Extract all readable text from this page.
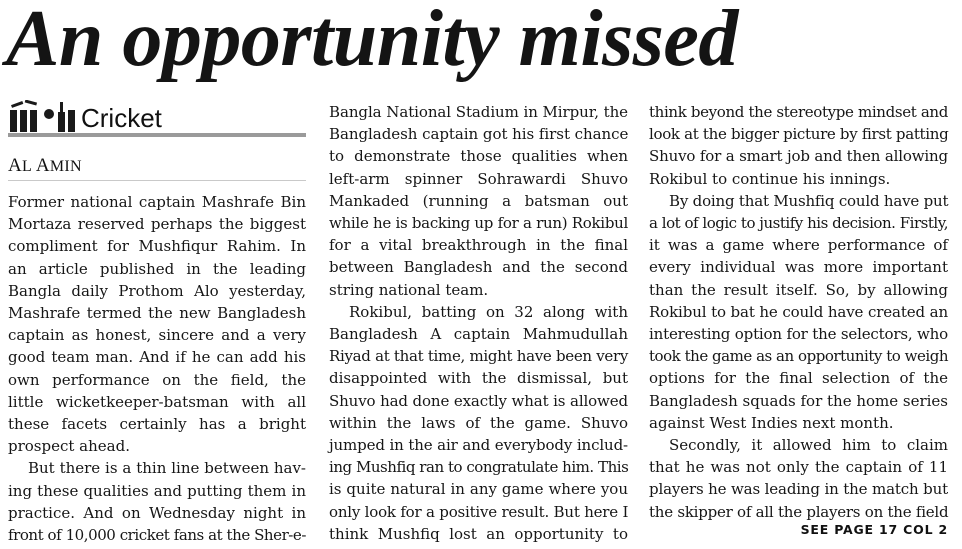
An opportunity missed
Cricket
AL AMIN
Former national captain Mashrafe Bin
Mortaza reserved perhaps the biggest
compliment for Mushfiqur Rahim. In
an article published in the leading
Bangla daily Prothom Alo yesterday,
Mashrafe termed the new Bangladesh
captain as honest, sincere and a very
good team man. And if he can add his
own performance on the field, the
little wicketkeeper-batsman with all
these facets certainly has a bright
prospect ahead.
But there is a thin line between hav-
ing these qualities and putting them in
practice. And on Wednesday night in
front of 10,000 cricket fans at the Sher-e-
Bangla National Stadium in Mirpur, the
Bangladesh captain got his first chance
to demonstrate those qualities when
left-arm spinner Sohrawardi Shuvo
Mankaded (running a batsman out
while he is backing up for a run) Rokibul
for a vital breakthrough in the final
between Bangladesh and the second
string national team.
Rokibul, batting on 32 along with
Bangladesh A captain Mahmudullah
Riyad at that time, might have been very
disappointed with the dismissal, but
Shuvo had done exactly what is allowed
within the laws of the game. Shuvo
jumped in the air and everybody includ-
ing Mushfiq ran to congratulate him. This
is quite natural in any game where you
only look for a positive result. But here I
think Mushfiq lost an opportunity to
think beyond the stereotype mindset and
look at the bigger picture by first patting
Shuvo for a smart job and then allowing
Rokibul to continue his innings.
By doing that Mushfiq could have put
a lot of logic to justify his decision. Firstly,
it was a game where performance of
every individual was more important
than the result itself. So, by allowing
Rokibul to bat he could have created an
interesting option for the selectors, who
took the game as an opportunity to weigh
options for the final selection of the
Bangladesh squads for the home series
against West Indies next month.
Secondly, it allowed him to claim
that he was not only the captain of 11
players he was leading in the match but
the skipper of all the players on the field
SEE PAGE 17 COL 2
